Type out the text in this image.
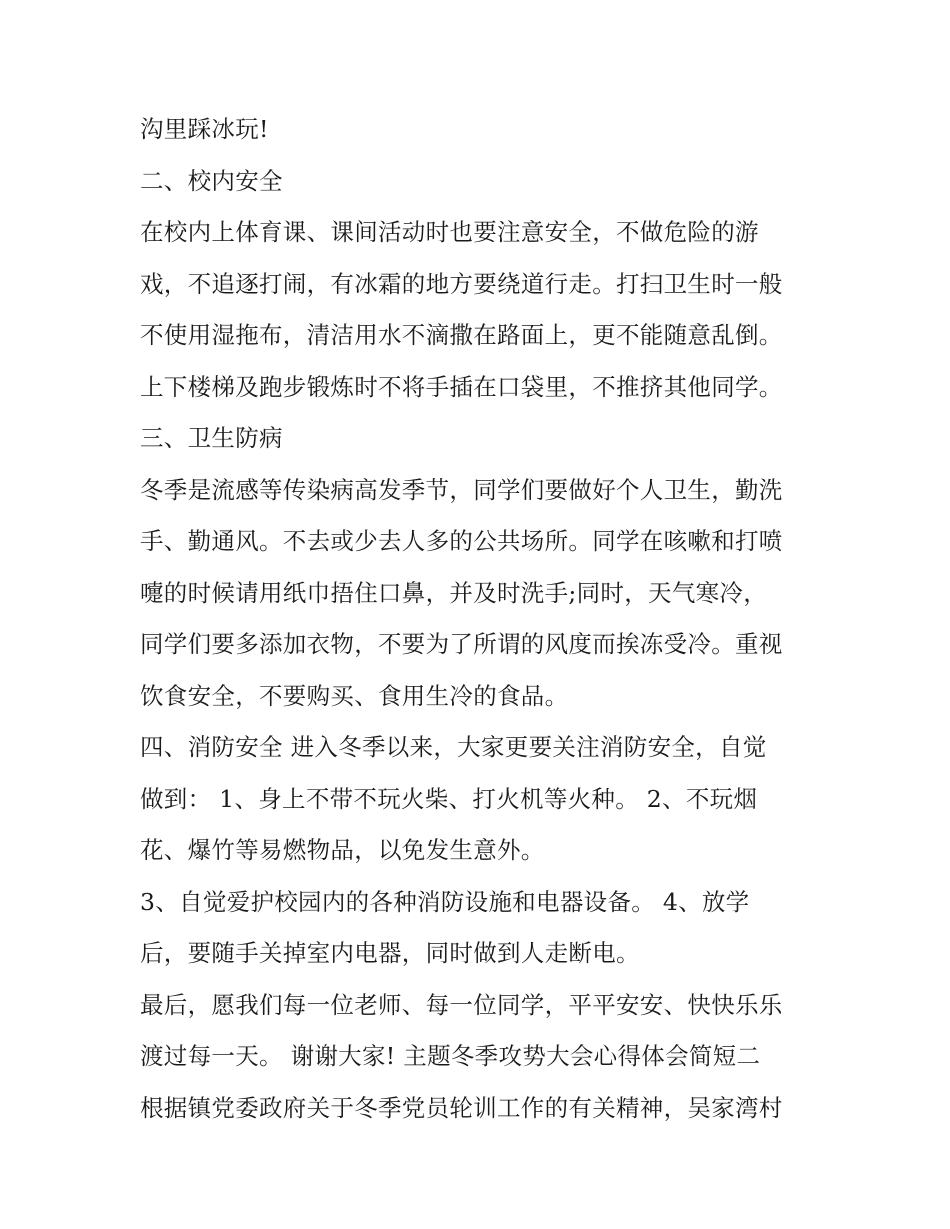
沟里踩冰玩!
二、校内安全
在校内上体育课、课间活动时也要注意安全，不做危险的游
戏，不追逐打闹，有冰霜的地方要绕道行走。打扫卫生时一般
不使用湿拖布，清洁用水不滴撒在路面上，更不能随意乱倒。
上下楼梯及跑步锻炼时不将手插在口袋里，不推挤其他同学。
三、卫生防病
冬季是流感等传染病高发季节，同学们要做好个人卫生，勤洗
手、勤通风。不去或少去人多的公共场所。同学在咳嗽和打喷
嚏的时候请用纸巾捂住口鼻，并及时洗手;同时，天气寒冷，
同学们要多添加衣物，不要为了所谓的风度而挨冻受冷。重视
饮食安全，不要购买、食用生冷的食品。
四、消防安全 进入冬季以来，大家更要关注消防安全，自觉
做到： 1、身上不带不玩火柴、打火机等火种。 2、不玩烟
花、爆竹等易燃物品，以免发生意外。
3、自觉爱护校园内的各种消防设施和电器设备。 4、放学
后，要随手关掉室内电器，同时做到人走断电。
最后，愿我们每一位老师、每一位同学，平平安安、快快乐乐
渡过每一天。 谢谢大家! 主题冬季攻势大会心得体会简短二
根据镇党委政府关于冬季党员轮训工作的有关精神，吴家湾村
